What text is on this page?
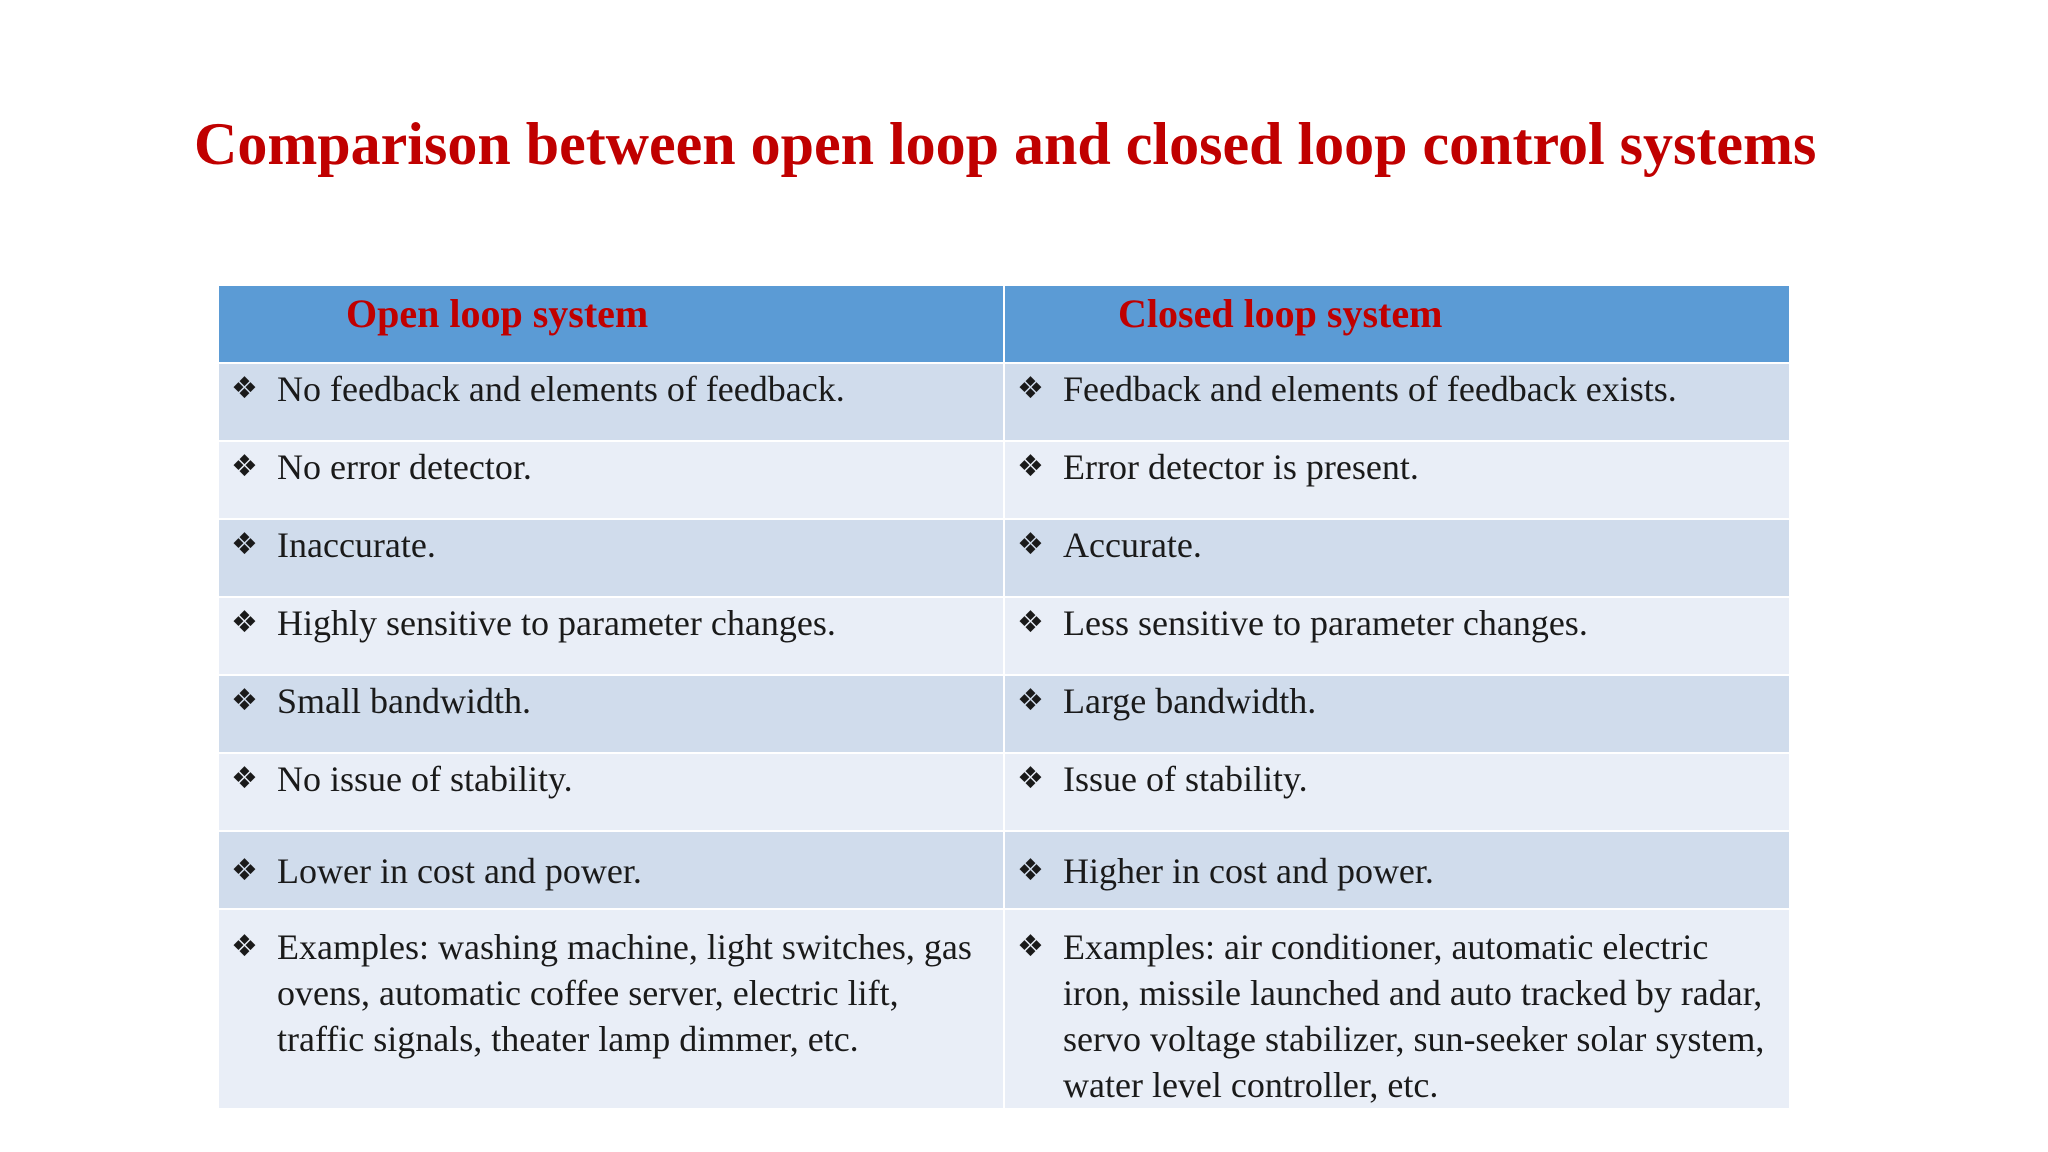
Comparison between open loop and closed loop control systems
Open loop system	Closed loop system

❖ No feedback and elements of feedback.	❖ Feedback and elements of feedback exists.

❖ No error detector.	❖ Error detector is present.

❖ Inaccurate.	❖ Accurate.

❖ Highly sensitive to parameter changes.	❖ Less sensitive to parameter changes.

❖ Small bandwidth.	❖ Large bandwidth.

❖ No issue of stability.	❖ Issue of stability.

❖ Lower in cost and power.	❖ Higher in cost and power.

❖ Examples: washing machine, light switches, gas ovens, automatic coffee server, electric lift, traffic signals, theater lamp dimmer, etc.	❖ Examples: air conditioner, automatic electric iron, missile launched and auto tracked by radar, servo voltage stabilizer, sun-seeker solar system, water level controller, etc.
